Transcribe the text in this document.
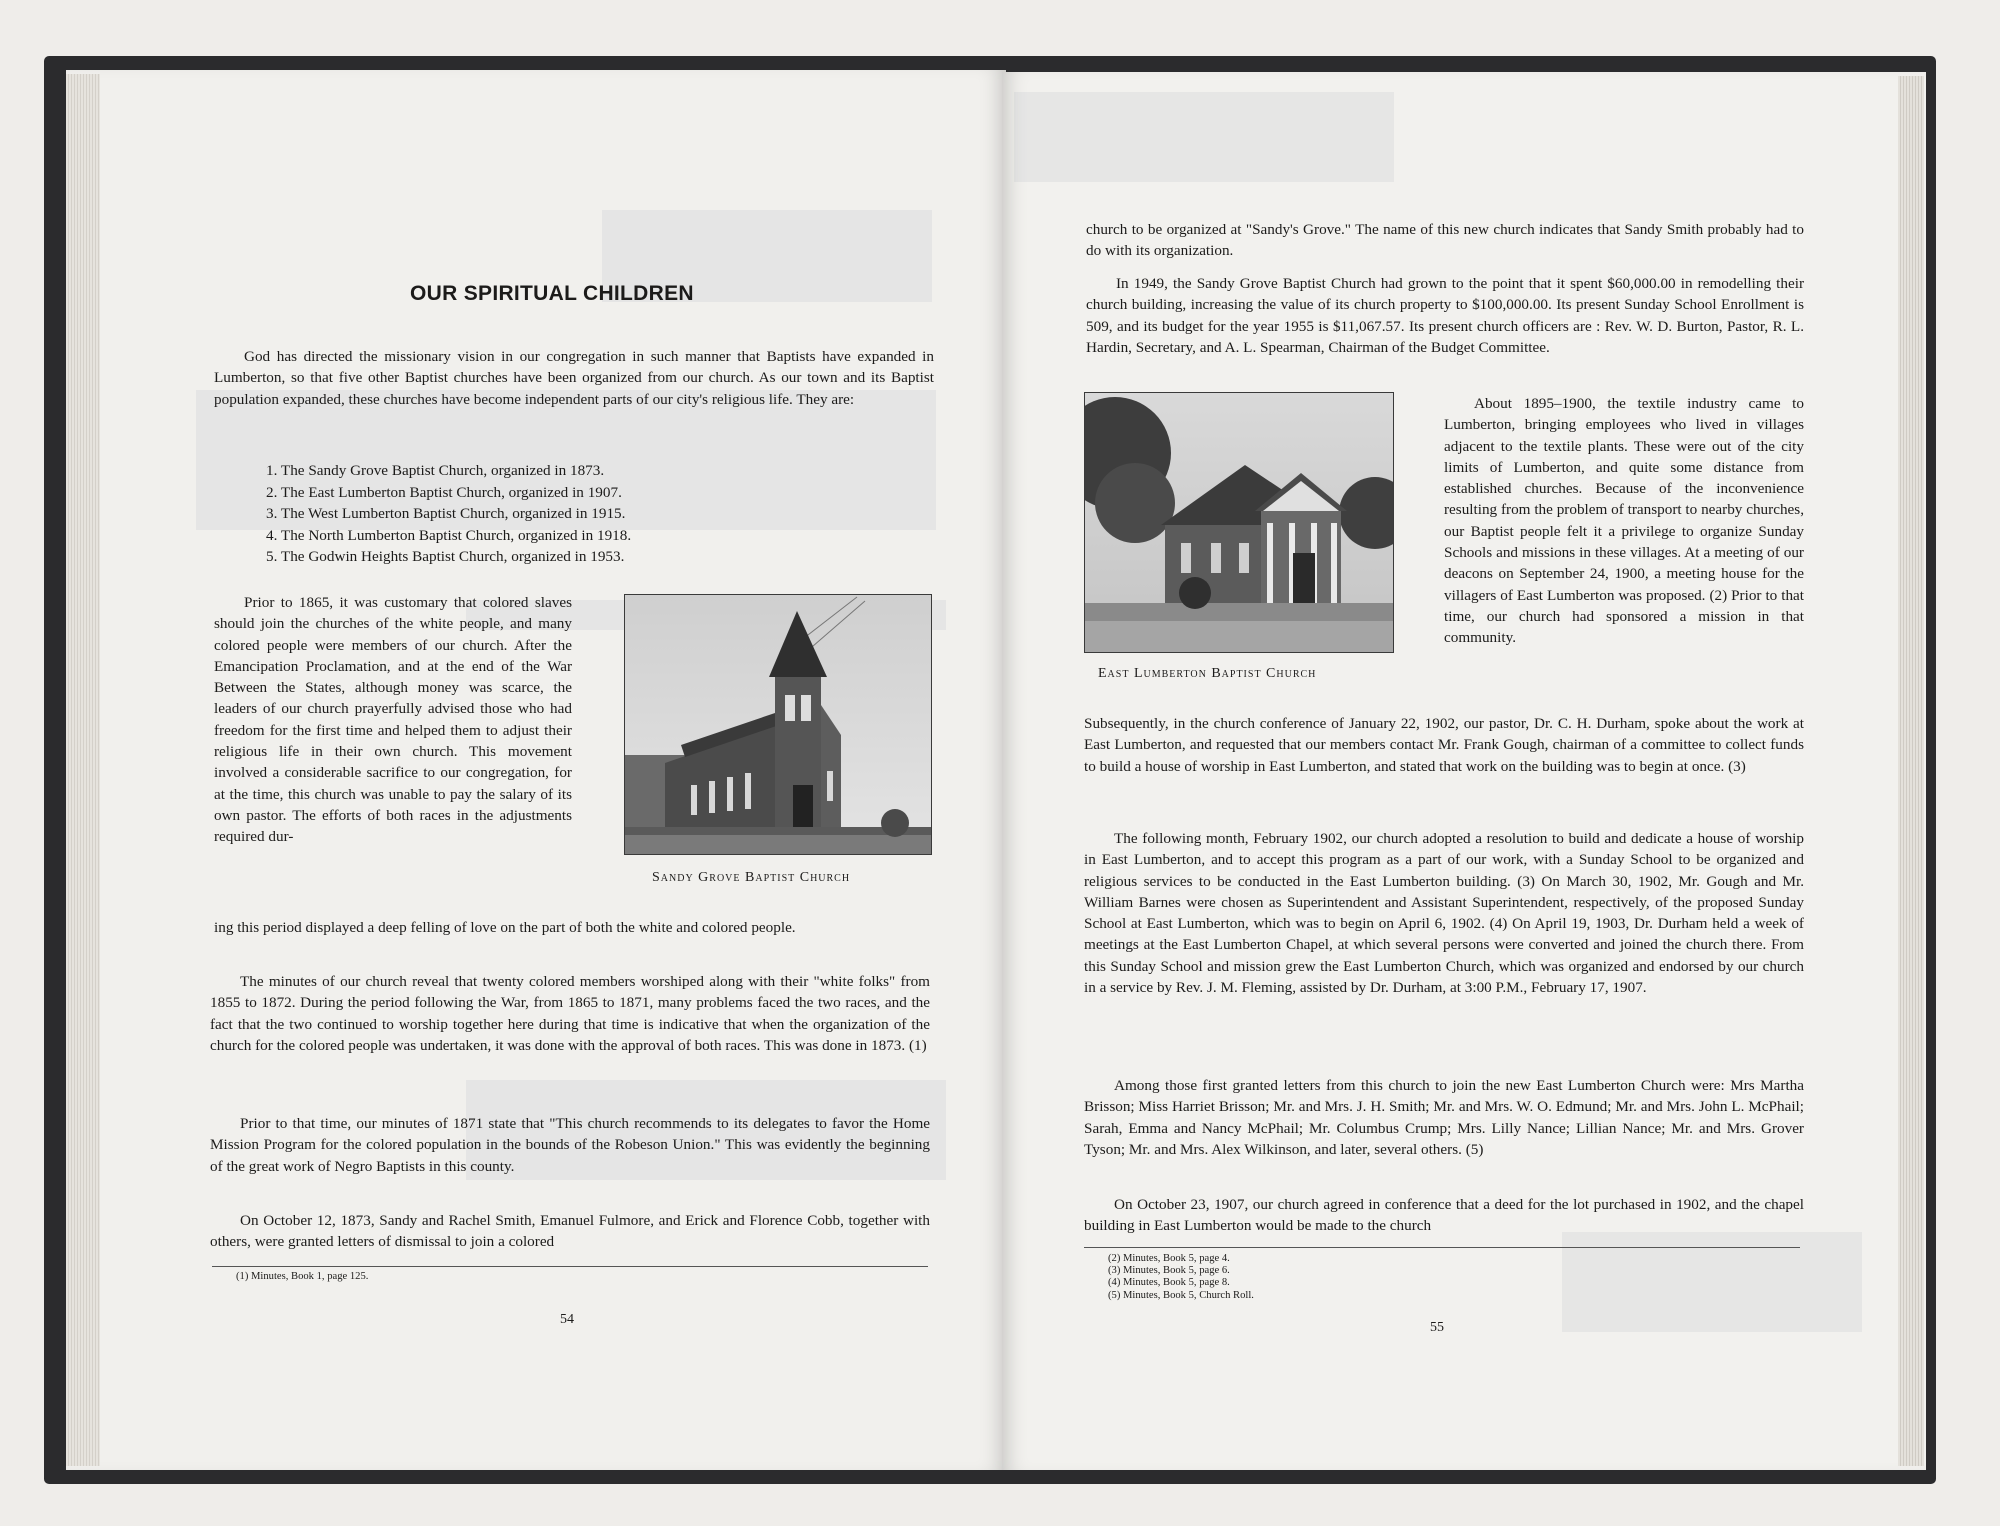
OUR SPIRITUAL CHILDREN

God has directed the missionary vision in our congregation in such manner that Baptists have expanded in Lumberton, so that five other Baptist churches have been organized from our church. As our town and its Baptist population expanded, these churches have become independent parts of our city's religious life. They are:

1. The Sandy Grove Baptist Church, organized in 1873.
2. The East Lumberton Baptist Church, organized in 1907.
3. The West Lumberton Baptist Church, organized in 1915.
4. The North Lumberton Baptist Church, organized in 1918.
5. The Godwin Heights Baptist Church, organized in 1953.

Prior to 1865, it was customary that colored slaves should join the churches of the white people, and many colored people were members of our church. After the Emancipation Proclamation, and at the end of the War Between the States, although money was scarce, the leaders of our church prayerfully advised those who had freedom for the first time and helped them to adjust their religious life in their own church. This movement involved a considerable sacrifice to our congregation, for at the time, this church was unable to pay the salary of its own pastor. The efforts of both races in the adjustments required dur-

ing this period displayed a deep felling of love on the part of both the white and colored people.

Sandy Grove Baptist Church

The minutes of our church reveal that twenty colored members worshiped along with their "white folks" from 1855 to 1872. During the period following the War, from 1865 to 1871, many problems faced the two races, and the fact that the two continued to worship together here during that time is indicative that when the organization of the church for the colored people was undertaken, it was done with the approval of both races. This was done in 1873. (1)

Prior to that time, our minutes of 1871 state that "This church recommends to its delegates to favor the Home Mission Program for the colored population in the bounds of the Robeson Union." This was evidently the beginning of the great work of Negro Baptists in this county.

On October 12, 1873, Sandy and Rachel Smith, Emanuel Fulmore, and Erick and Florence Cobb, together with others, were granted letters of dismissal to join a colored

(1) Minutes, Book 1, page 125.
54

church to be organized at "Sandy's Grove." The name of this new church indicates that Sandy Smith probably had to do with its organization.

In 1949, the Sandy Grove Baptist Church had grown to the point that it spent $60,000.00 in remodelling their church building, increasing the value of its church property to $100,000.00. Its present Sunday School Enrollment is 509, and its budget for the year 1955 is $11,067.57. Its present church officers are : Rev. W. D. Burton, Pastor, R. L. Hardin, Secretary, and A. L. Spearman, Chairman of the Budget Committee.

East Lumberton Baptist Church

About 1895–1900, the textile industry came to Lumberton, bringing employees who lived in villages adjacent to the textile plants. These were out of the city limits of Lumberton, and quite some distance from established churches. Because of the inconvenience resulting from the problem of transport to nearby churches, our Baptist people felt it a privilege to organize Sunday Schools and missions in these villages. At a meeting of our deacons on September 24, 1900, a meeting house for the villagers of East Lumberton was proposed. (2) Prior to that time, our church had sponsored a mission in that community.

Subsequently, in the church conference of January 22, 1902, our pastor, Dr. C. H. Durham, spoke about the work at East Lumberton, and requested that our members contact Mr. Frank Gough, chairman of a committee to collect funds to build a house of worship in East Lumberton, and stated that work on the building was to begin at once. (3)

The following month, February 1902, our church adopted a resolution to build and dedicate a house of worship in East Lumberton, and to accept this program as a part of our work, with a Sunday School to be organized and religious services to be conducted in the East Lumberton building. (3) On March 30, 1902, Mr. Gough and Mr. William Barnes were chosen as Superintendent and Assistant Superintendent, respectively, of the proposed Sunday School at East Lumberton, which was to begin on April 6, 1902. (4) On April 19, 1903, Dr. Durham held a week of meetings at the East Lumberton Chapel, at which several persons were converted and joined the church there. From this Sunday School and mission grew the East Lumberton Church, which was organized and endorsed by our church in a service by Rev. J. M. Fleming, assisted by Dr. Durham, at 3:00 P.M., February 17, 1907.

Among those first granted letters from this church to join the new East Lumberton Church were: Mrs Martha Brisson; Miss Harriet Brisson; Mr. and Mrs. J. H. Smith; Mr. and Mrs. W. O. Edmund; Mr. and Mrs. John L. McPhail; Sarah, Emma and Nancy McPhail; Mr. Columbus Crump; Mrs. Lilly Nance; Lillian Nance; Mr. and Mrs. Grover Tyson; Mr. and Mrs. Alex Wilkinson, and later, several others. (5)

On October 23, 1907, our church agreed in conference that a deed for the lot purchased in 1902, and the chapel building in East Lumberton would be made to the church

(2) Minutes, Book 5, page 4.
(3) Minutes, Book 5, page 6.
(4) Minutes, Book 5, page 8.
(5) Minutes, Book 5, Church Roll.
55
